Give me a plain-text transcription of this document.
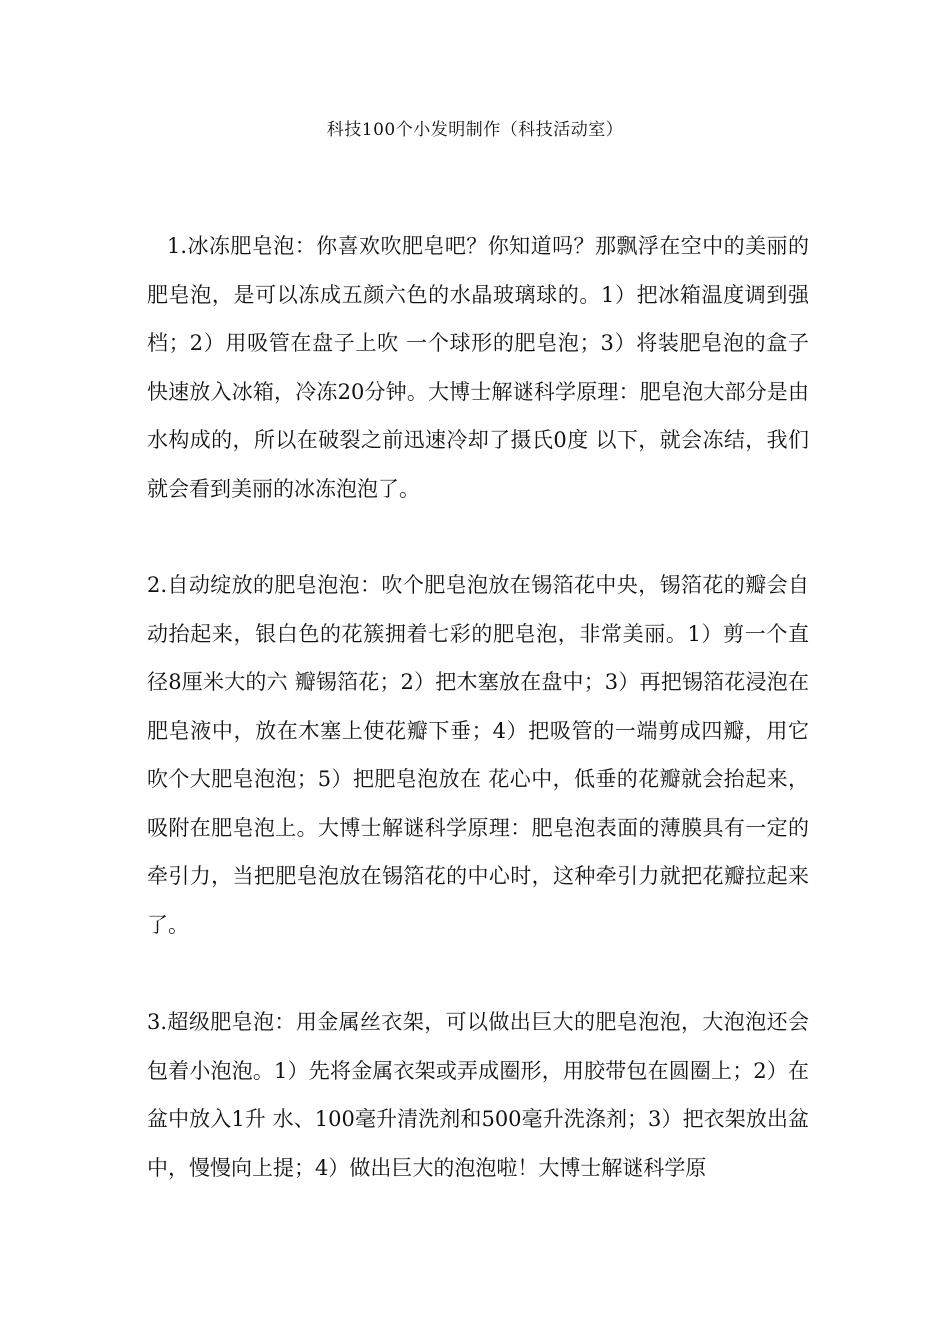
科技100个小发明制作（科技活动室）

1.冰冻肥皂泡：你喜欢吹肥皂吧？你知道吗？那飘浮在空中的美丽的肥皂泡，是可以冻成五颜六色的水晶玻璃球的。1）把冰箱温度调到强档；2）用吸管在盘子上吹 一个球形的肥皂泡；3）将装肥皂泡的盒子快速放入冰箱，冷冻20分钟。大博士解谜科学原理：肥皂泡大部分是由水构成的，所以在破裂之前迅速冷却了摄氏0度 以下，就会冻结，我们就会看到美丽的冰冻泡泡了。

2.自动绽放的肥皂泡泡：吹个肥皂泡放在锡箔花中央，锡箔花的瓣会自动抬起来，银白色的花簇拥着七彩的肥皂泡，非常美丽。1）剪一个直径8厘米大的六 瓣锡箔花；2）把木塞放在盘中；3）再把锡箔花浸泡在肥皂液中，放在木塞上使花瓣下垂；4）把吸管的一端剪成四瓣，用它吹个大肥皂泡泡；5）把肥皂泡放在 花心中，低垂的花瓣就会抬起来，吸附在肥皂泡上。大博士解谜科学原理：肥皂泡表面的薄膜具有一定的牵引力，当把肥皂泡放在锡箔花的中心时，这种牵引力就把花瓣拉起来了。

3.超级肥皂泡：用金属丝衣架，可以做出巨大的肥皂泡泡，大泡泡还会包着小泡泡。1）先将金属衣架或弄成圈形，用胶带包在圆圈上；2）在盆中放入1升 水、100毫升清洗剂和500毫升洗涤剂；3）把衣架放出盆中，慢慢向上提；4）做出巨大的泡泡啦！大博士解谜科学原
